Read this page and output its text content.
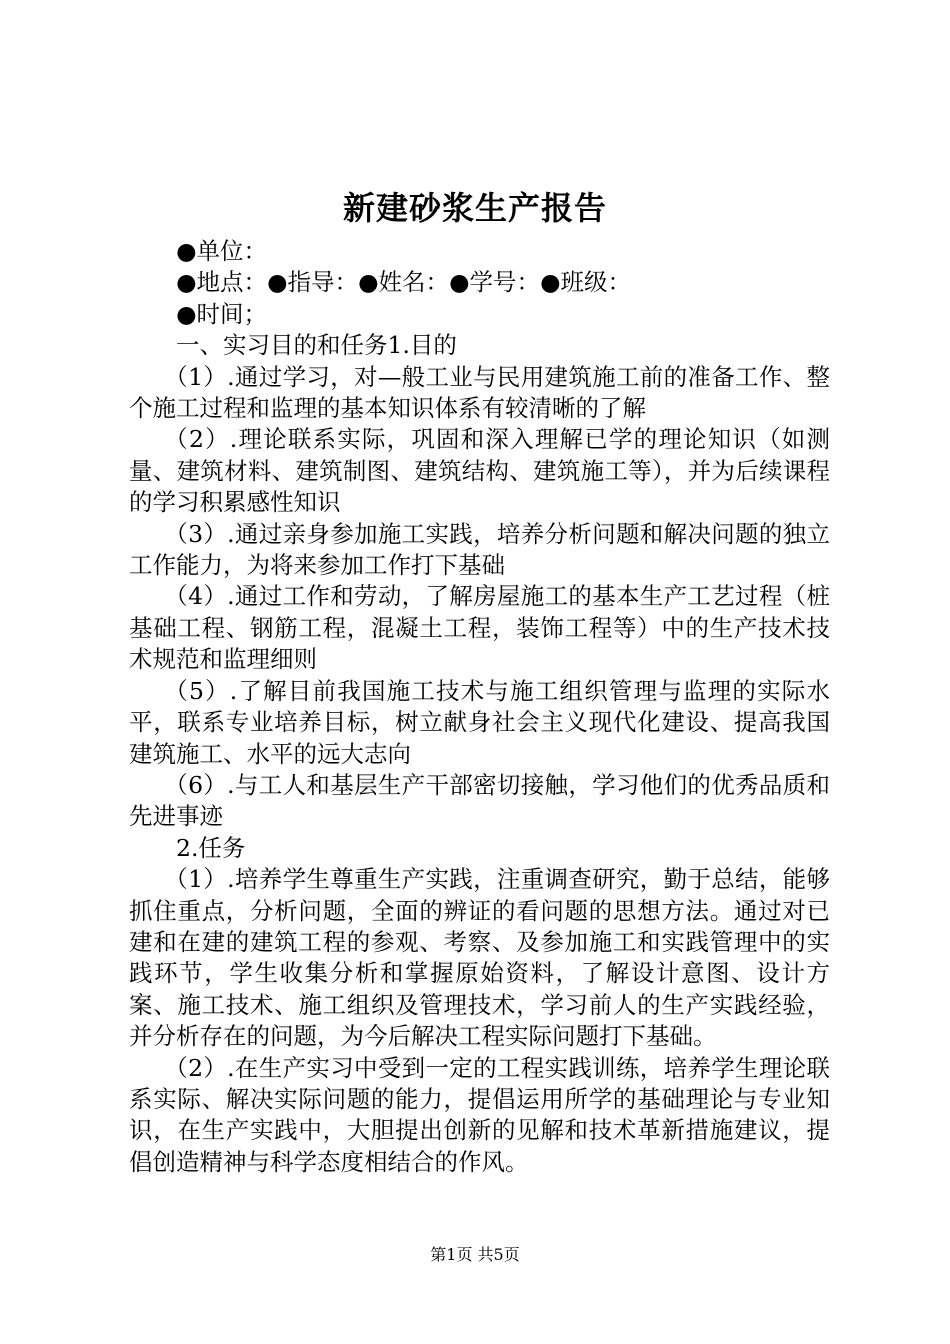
新建砂浆生产报告

●单位：

●地点：●指导：●姓名：●学号：●班级：

●时间；

一、实习目的和任务1.目的

（1）.通过学习，对—般工业与民用建筑施工前的准备工作、整个施工过程和监理的基本知识体系有较清晰的了解

（2）.理论联系实际，巩固和深入理解已学的理论知识（如测量、建筑材料、建筑制图、建筑结构、建筑施工等），并为后续课程的学习积累感性知识

（3）.通过亲身参加施工实践，培养分析问题和解决问题的独立工作能力，为将来参加工作打下基础

（4）.通过工作和劳动，了解房屋施工的基本生产工艺过程（桩基础工程、钢筋工程，混凝土工程，装饰工程等）中的生产技术技术规范和监理细则

（5）.了解目前我国施工技术与施工组织管理与监理的实际水平，联系专业培养目标，树立献身社会主义现代化建设、提高我国建筑施工、水平的远大志向

（6）.与工人和基层生产干部密切接触，学习他们的优秀品质和先进事迹

2.任务

（1）.培养学生尊重生产实践，注重调查研究，勤于总结，能够抓住重点，分析问题，全面的辨证的看问题的思想方法。通过对已建和在建的建筑工程的参观、考察、及参加施工和实践管理中的实践环节，学生收集分析和掌握原始资料，了解设计意图、设计方案、施工技术、施工组织及管理技术，学习前人的生产实践经验，并分析存在的问题，为今后解决工程实际问题打下基础。

（2）.在生产实习中受到一定的工程实践训练，培养学生理论联系实际、解决实际问题的能力，提倡运用所学的基础理论与专业知识，在生产实践中，大胆提出创新的见解和技术革新措施建议，提倡创造精神与科学态度相结合的作风。

第1页 共5页
